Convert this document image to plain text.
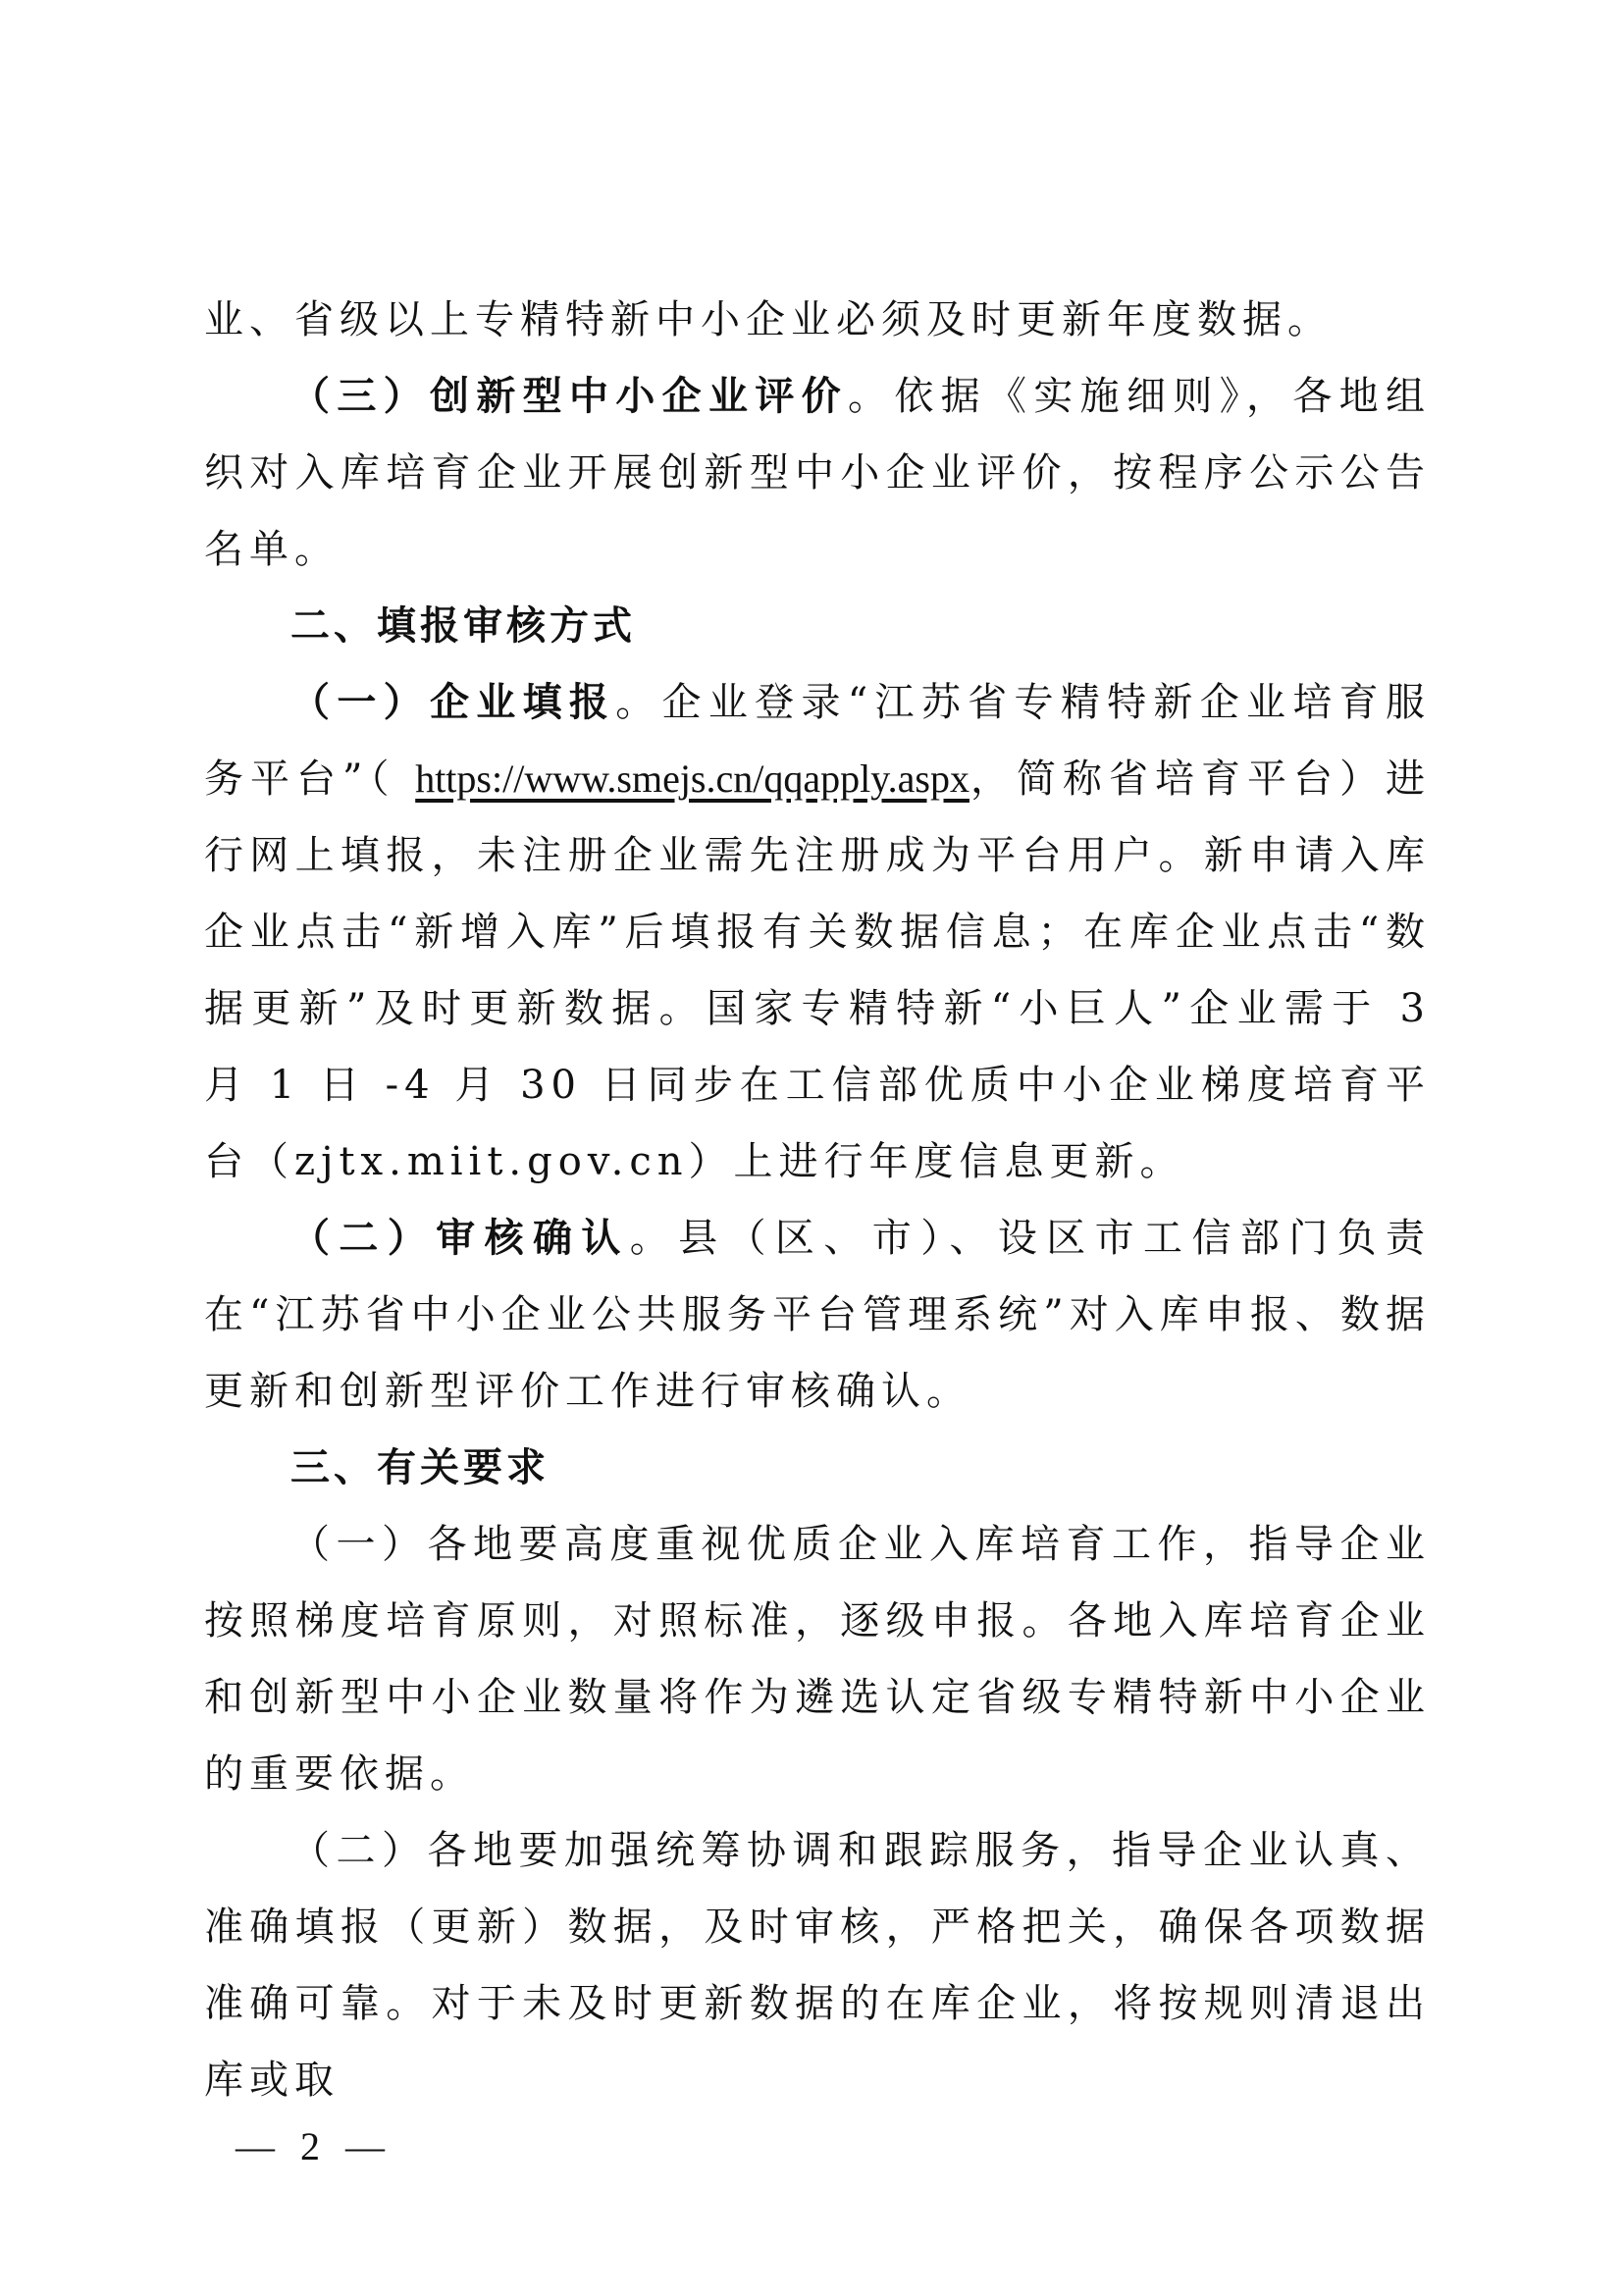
业、省级以上专精特新中小企业必须及时更新年度数据。

（三）创新型中小企业评价。依据《实施细则》，各地组织对入库培育企业开展创新型中小企业评价，按程序公示公告名单。

二、填报审核方式

（一）企业填报。企业登录“江苏省专精特新企业培育服务平台”（ https://www.smejs.cn/qqapply.aspx，简称省培育平台）进行网上填报，未注册企业需先注册成为平台用户。新申请入库企业点击“新增入库”后填报有关数据信息；在库企业点击“数据更新”及时更新数据。国家专精特新“小巨人”企业需于 3 月 1 日 -4 月 30 日同步在工信部优质中小企业梯度培育平台（zjtx.miit.gov.cn）上进行年度信息更新。

（二）审核确认。县（区、市）、设区市工信部门负责在“江苏省中小企业公共服务平台管理系统”对入库申报、数据更新和创新型评价工作进行审核确认。

三、有关要求

（一）各地要高度重视优质企业入库培育工作，指导企业按照梯度培育原则，对照标准，逐级申报。各地入库培育企业和创新型中小企业数量将作为遴选认定省级专精特新中小企业的重要依据。

（二）各地要加强统筹协调和跟踪服务，指导企业认真、准确填报（更新）数据，及时审核，严格把关，确保各项数据准确可靠。对于未及时更新数据的在库企业，将按规则清退出库或取

— 2 —
